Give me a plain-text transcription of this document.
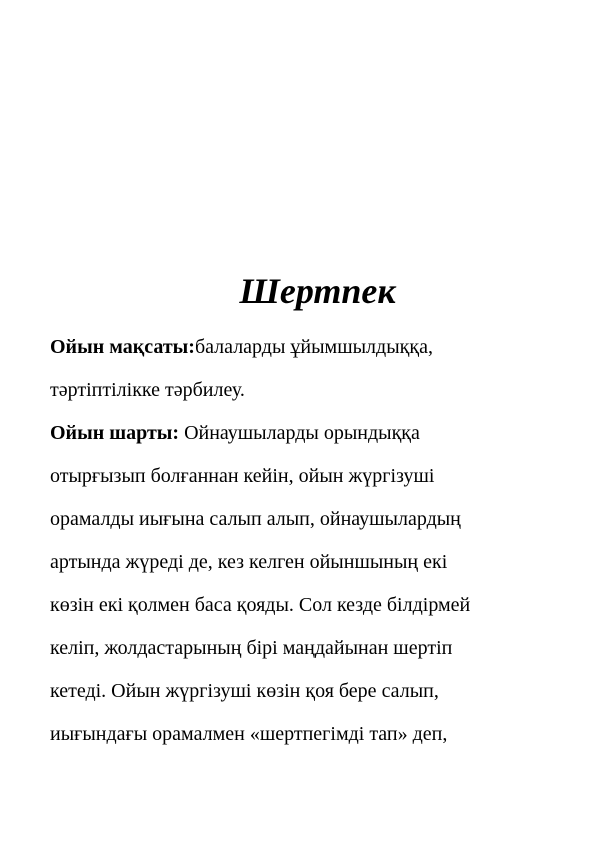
Шертпек
Ойын мақсаты:балаларды ұйымшылдыққа,
тәртіптілікке тәрбилеу.
Ойын шарты: Ойнаушыларды орындыққа
отырғызып болғаннан кейін, ойын жүргізуші
орамалды иығына салып алып, ойнаушылардың
артында жүреді де, кез келген ойыншының екі
көзін екі қолмен баса қояды. Сол кезде білдірмей
келіп, жолдастарының бірі маңдайынан шертіп
кетеді. Ойын жүргізуші көзін қоя бере салып,
иығындағы орамалмен «шертпегімді тап» деп,
